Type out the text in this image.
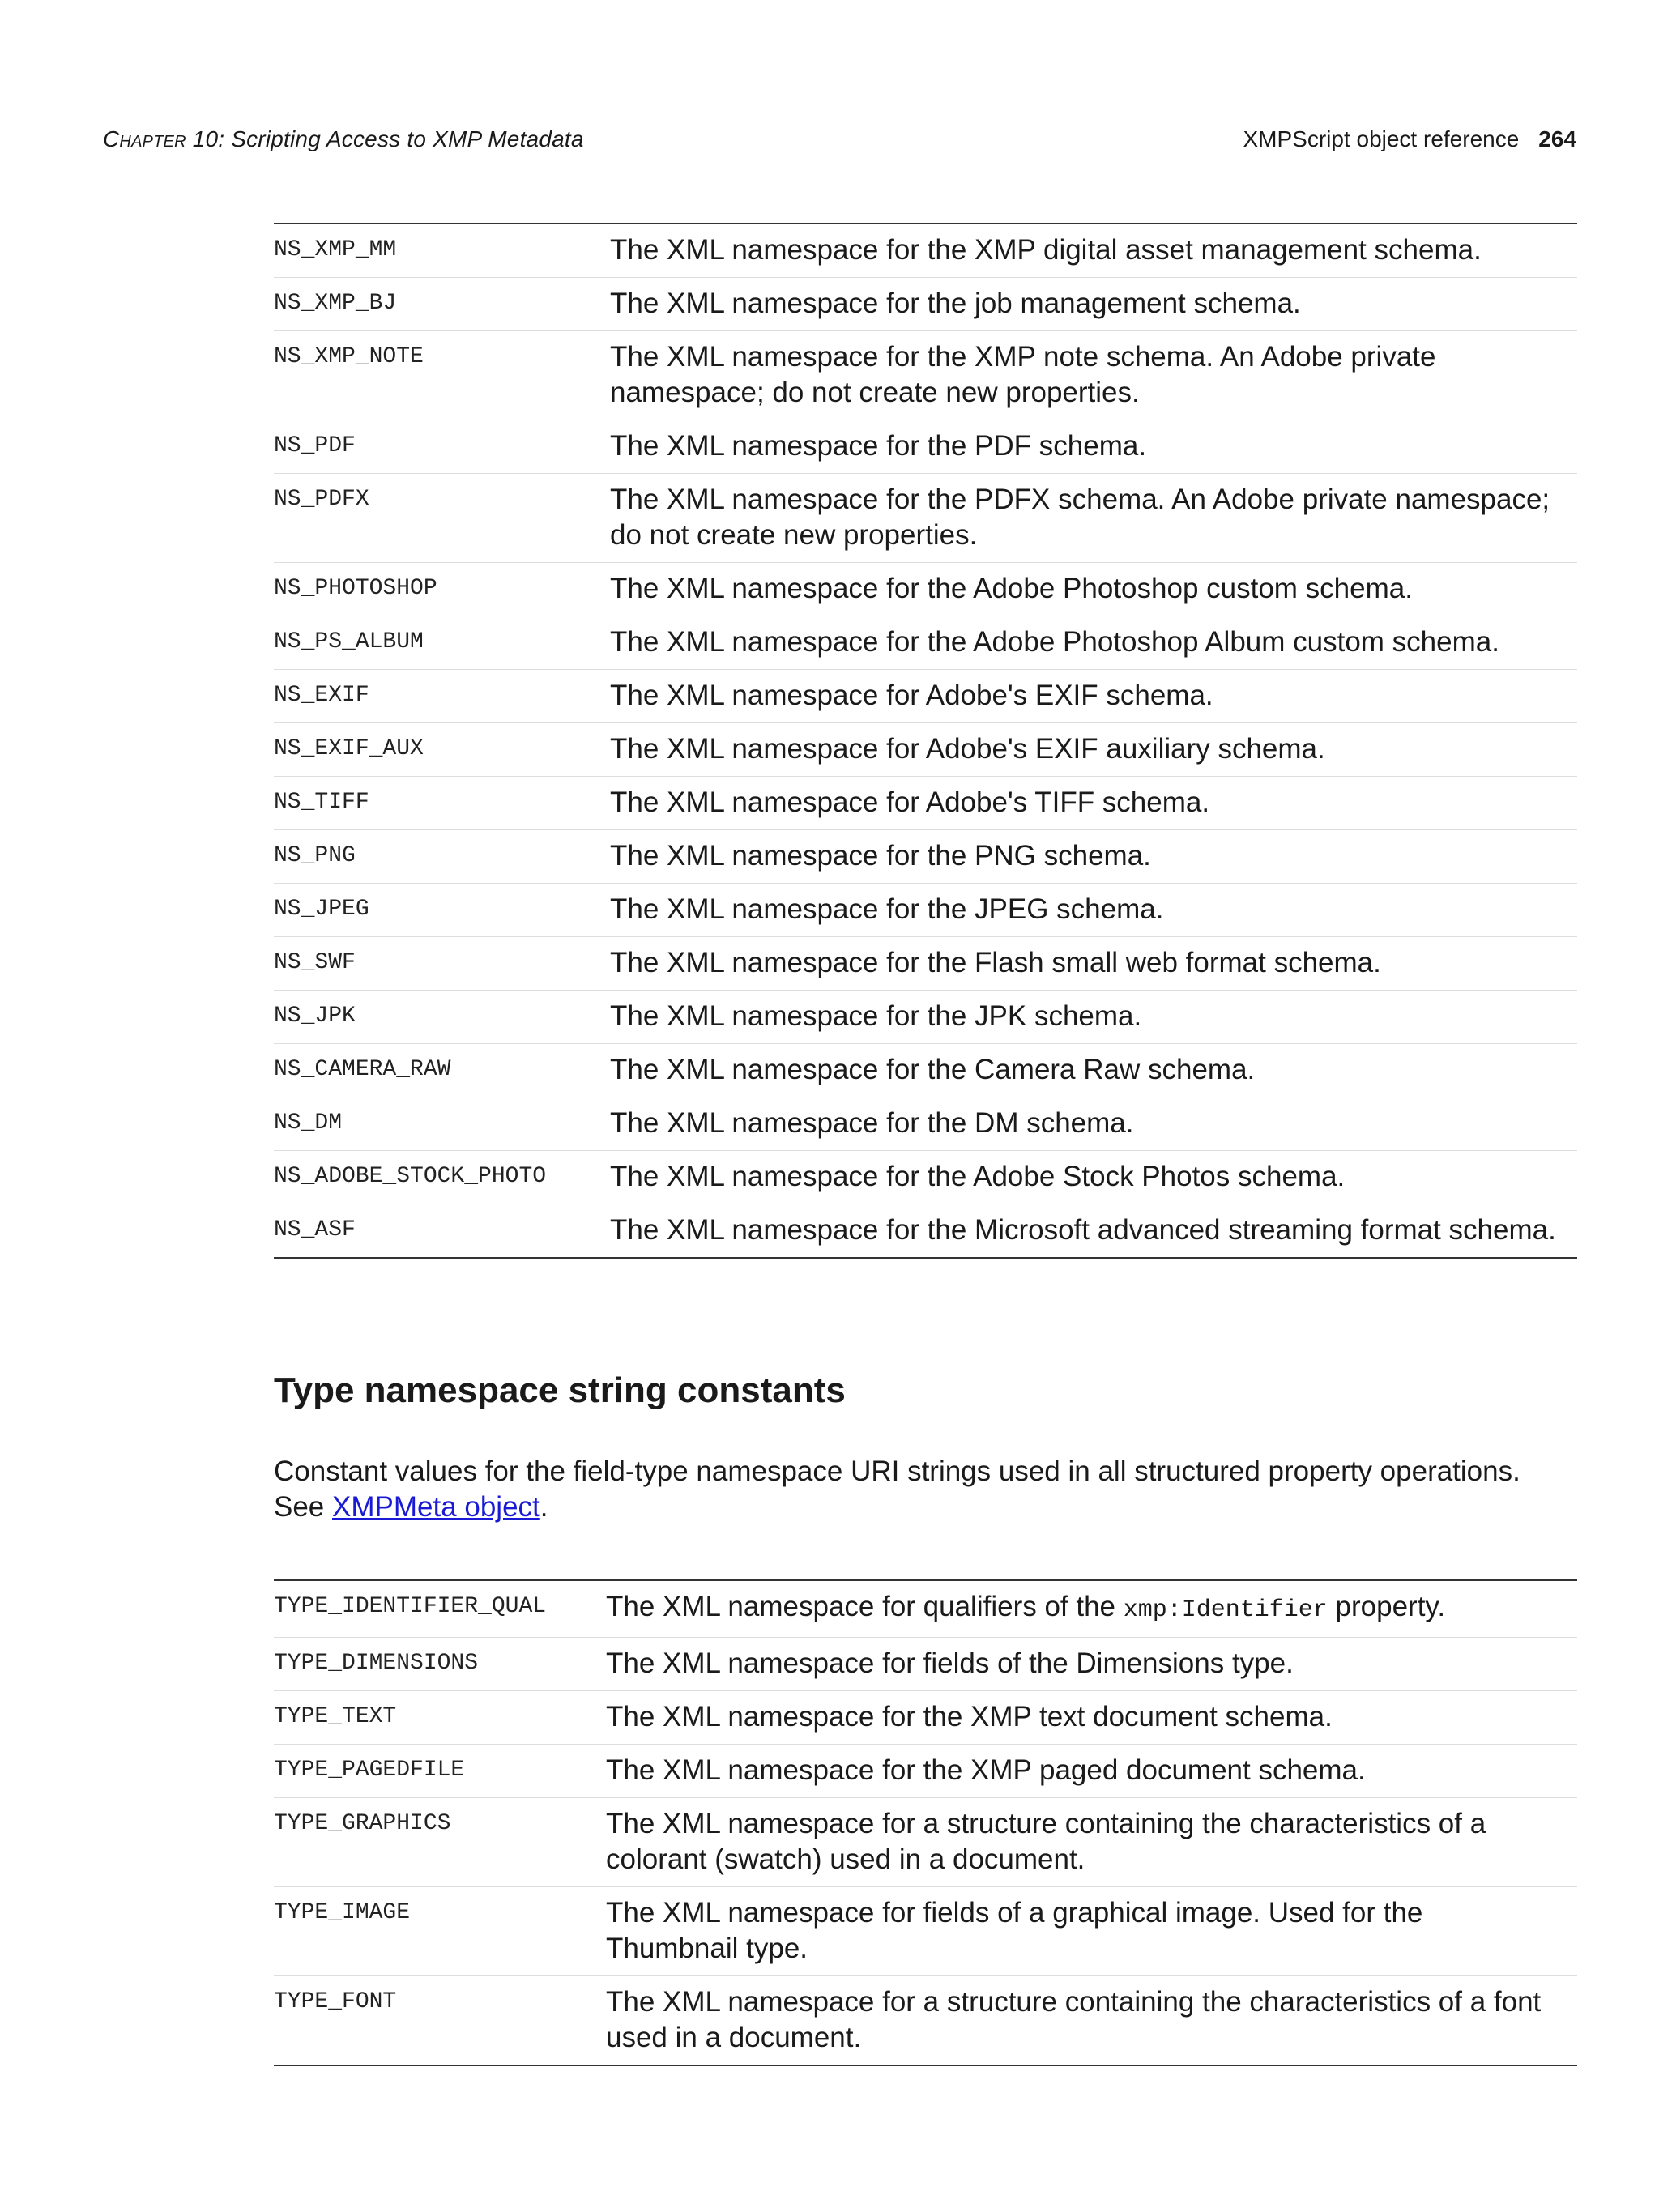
Chapter 10: Scripting Access to XMP Metadata	XMPScript object reference 264
NS_XMP_MM	The XML namespace for the XMP digital asset management schema.
NS_XMP_BJ	The XML namespace for the job management schema.
NS_XMP_NOTE	The XML namespace for the XMP note schema. An Adobe private namespace; do not create new properties.
NS_PDF	The XML namespace for the PDF schema.
NS_PDFX	The XML namespace for the PDFX schema. An Adobe private namespace; do not create new properties.
NS_PHOTOSHOP	The XML namespace for the Adobe Photoshop custom schema.
NS_PS_ALBUM	The XML namespace for the Adobe Photoshop Album custom schema.
NS_EXIF	The XML namespace for Adobe's EXIF schema.
NS_EXIF_AUX	The XML namespace for Adobe's EXIF auxiliary schema.
NS_TIFF	The XML namespace for Adobe's TIFF schema.
NS_PNG	The XML namespace for the PNG schema.
NS_JPEG	The XML namespace for the JPEG schema.
NS_SWF	The XML namespace for the Flash small web format schema.
NS_JPK	The XML namespace for the JPK schema.
NS_CAMERA_RAW	The XML namespace for the Camera Raw schema.
NS_DM	The XML namespace for the DM schema.
NS_ADOBE_STOCK_PHOTO	The XML namespace for the Adobe Stock Photos schema.
NS_ASF	The XML namespace for the Microsoft advanced streaming format schema.
Type namespace string constants

Constant values for the field-type namespace URI strings used in all structured property operations. See XMPMeta object.

TYPE_IDENTIFIER_QUAL	The XML namespace for qualifiers of the xmp:Identifier property.
TYPE_DIMENSIONS	The XML namespace for fields of the Dimensions type.
TYPE_TEXT	The XML namespace for the XMP text document schema.
TYPE_PAGEDFILE	The XML namespace for the XMP paged document schema.
TYPE_GRAPHICS	The XML namespace for a structure containing the characteristics of a colorant (swatch) used in a document.
TYPE_IMAGE	The XML namespace for fields of a graphical image. Used for the Thumbnail type.
TYPE_FONT	The XML namespace for a structure containing the characteristics of a font used in a document.
